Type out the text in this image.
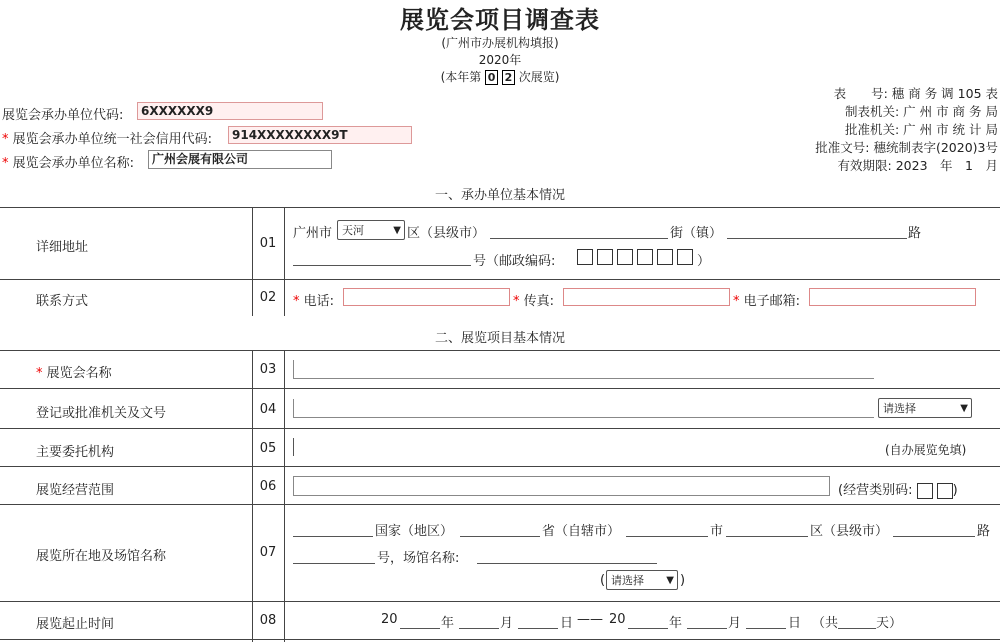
展览会项目调查表
(广州市办展机构填报)
2020年
(本年第 0 2 次展览)
表　　号: 穗 商 务 调 105 表
制表机关: 广 州 市 商 务 局
批准机关: 广 州 市 统 计 局
批准文号: 穗统制表字(2020)3号
有效期限: 2023　年　1　月
展览会承办单位代码: 6XXXXXX9
* 展览会承办单位统一社会信用代码: 914XXXXXXXX9T
* 展览会承办单位名称: 广州会展有限公司
一、承办单位基本情况
详细地址	01
广州市 天河	▼ 区（县级市）	街（镇）	路
号（邮政编码:	）
联系方式	02	* 电话:	* 传真:	* 电子邮箱:
二、展览项目基本情况
* 展览会名称	03
登记或批准机关及文号	04	请选择	▼
主要委托机构	05	(自办展览免填)
展览经营范围	06	(经营类别码:	)
展览所在地及场馆名称	07
国家（地区）	省（自辖市）	市	区（县级市）	路
号，场馆名称:
( 请选择 ▼ )
展览起止时间	08	20	年	月	日 —— 20	年	月	日 （共	天）
